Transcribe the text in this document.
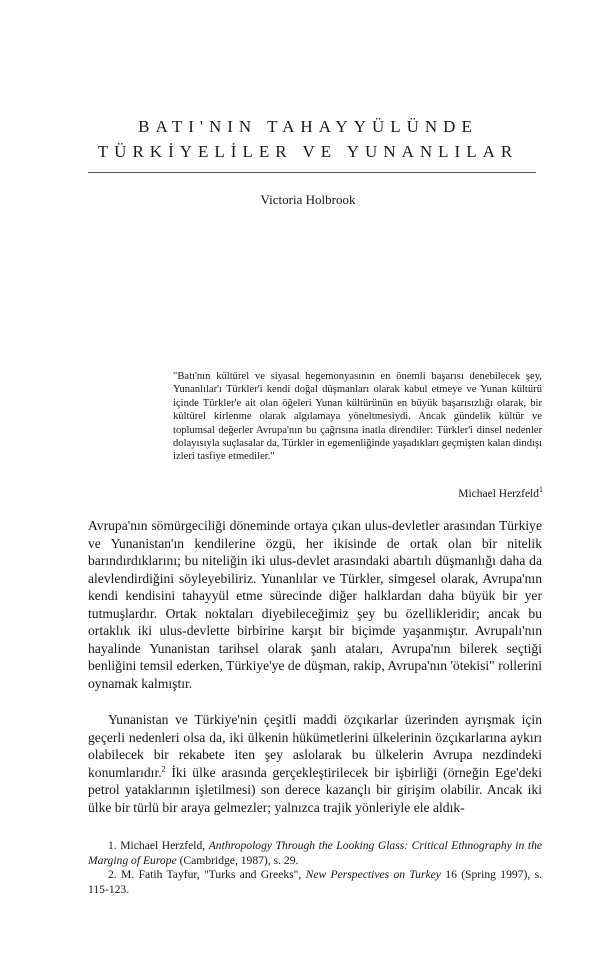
BATI'NIN TAHAYYÜLÜNDE
TÜRKİYELİLER VE YUNANLILAR
Victoria Holbrook
"Batı'nın kültürel ve siyasal hegemonyasının en önemli başarısı denebilecek şey, Yunanlılar'ı Türkler'i kendi doğal düşmanları olarak kabul etmeye ve Yunan kültürü içinde Türkler'e ait olan öğeleri Yunan kültürünün en büyük başarısızlığı olarak, bir kültürel kirlenme olarak algılamaya yöneltmesiydi. Ancak gündelik kültür ve toplumsal değerler Avrupa'nın bu çağrısına inatla direndiler: Türkler'i dinsel nedenler dolayısıyla suçlasalar da, Türkler in egemenliğinde yaşadıkları geçmişten kalan dindışı izleri tasfiye etmediler."
Michael Herzfeld$^1$

Avrupa'nın sömürgeciliği döneminde ortaya çıkan ulus-devletler arasından Türkiye ve Yunanistan'ın kendilerine özgü, her ikisinde de ortak olan bir nitelik barındırdıklarını; bu niteliğin iki ulus-devlet arasındaki abartılı düşmanlığı daha da alevlendirdiğini söyleyebiliriz. Yunanlılar ve Türkler, simgesel olarak, Avrupa'nın kendi kendisini tahayyül etme sürecinde diğer halklardan daha büyük bir yer tutmuşlardır. Ortak noktaları diyebileceğimiz şey bu özellikleridir; ancak bu ortaklık iki ulus-devlette birbirine karşıt bir biçimde yaşanmıştır. Avrupalı'nın hayalinde Yunanistan tarihsel olarak şanlı ataları, Avrupa'nın bilerek seçtiği benliğini temsil ederken, Türkiye'ye de düşman, rakip, Avrupa'nın 'ötekisi" rollerini oynamak kalmıştır.

Yunanistan ve Türkiye'nin çeşitli maddi özçıkarlar üzerinden ayrışmak için geçerli nedenleri olsa da, iki ülkenin hükümetlerini ülkelerinin özçıkarlarına aykırı olabilecek bir rekabete iten şey aslolarak bu ülkelerin Avrupa nezdindeki konumlarıdır.$^2$ İki ülke arasında gerçekleştirilecek bir işbirliği (örneğin Ege'deki petrol yataklarının işletilmesi) son derece kazançlı bir girişim olabilir. Ancak iki ülke bir türlü bir araya gelmezler; yalnızca trajik yönleriyle ele aldık-

1. Michael Herzfeld, Anthropology Through the Looking Glass: Critical Ethnography in the Marging of Europe (Cambridge, 1987), s. 29.

2. M. Fatih Tayfur, "Turks and Greeks", New Perspectives on Turkey 16 (Spring 1997), s. 115-123.
